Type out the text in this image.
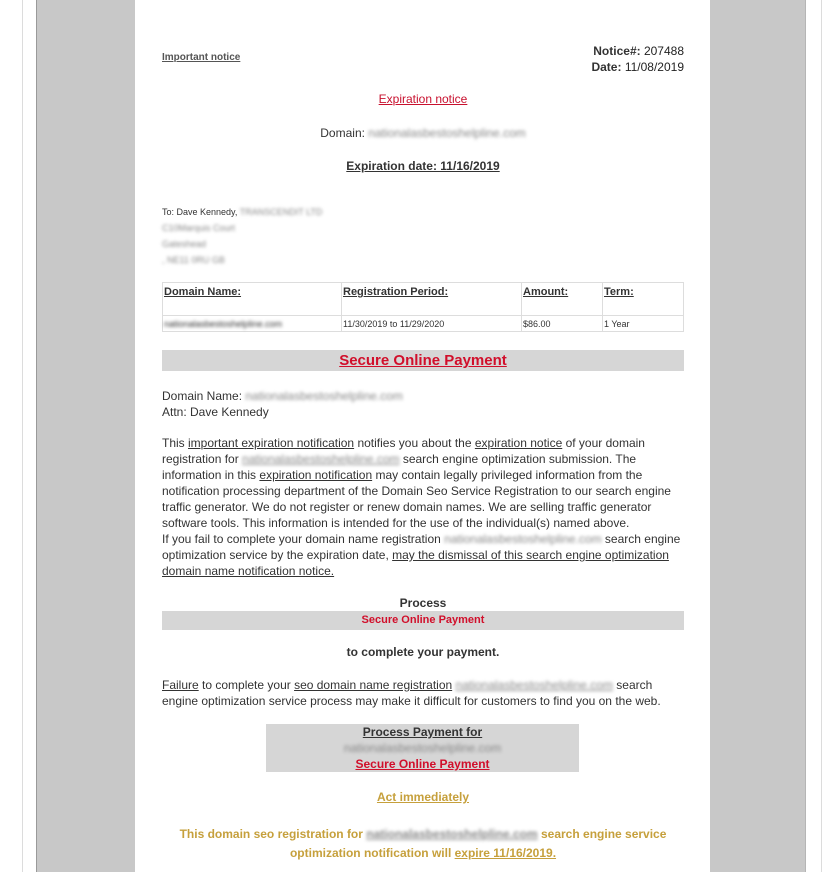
Important notice	Notice#: 207488
Date: 11/08/2019
Expiration notice
Domain: nationalasbestoshelpline.com
Expiration date: 11/16/2019
To: Dave Kennedy, TRANSCENDIT LTD
C10Marquis Court
Gateshead
, NE11 0RU GB
Domain Name:	Registration Period:	Amount:	Term:
nationalasbestoshelpline.com	11/30/2019 to 11/29/2020	$86.00	1 Year
Secure Online Payment
Domain Name: nationalasbestoshelpline.com
Attn: Dave Kennedy
This important expiration notification notifies you about the expiration notice of your domain registration for nationalasbestoshelpline.com search engine optimization submission. The information in this expiration notification may contain legally privileged information from the notification processing department of the Domain Seo Service Registration to our search engine traffic generator. We do not register or renew domain names. We are selling traffic generator software tools. This information is intended for the use of the individual(s) named above.
If you fail to complete your domain name registration nationalasbestoshelpline.com search engine optimization service by the expiration date, may the dismissal of this search engine optimization domain name notification notice.
Process
Secure Online Payment
to complete your payment.
Failure to complete your seo domain name registration nationalasbestoshelpline.com search engine optimization service process may make it difficult for customers to find you on the web.
Process Payment for
nationalasbestoshelpline.com
Secure Online Payment
Act immediately
This domain seo registration for nationalasbestoshelpline.com search engine service optimization notification will expire 11/16/2019.
